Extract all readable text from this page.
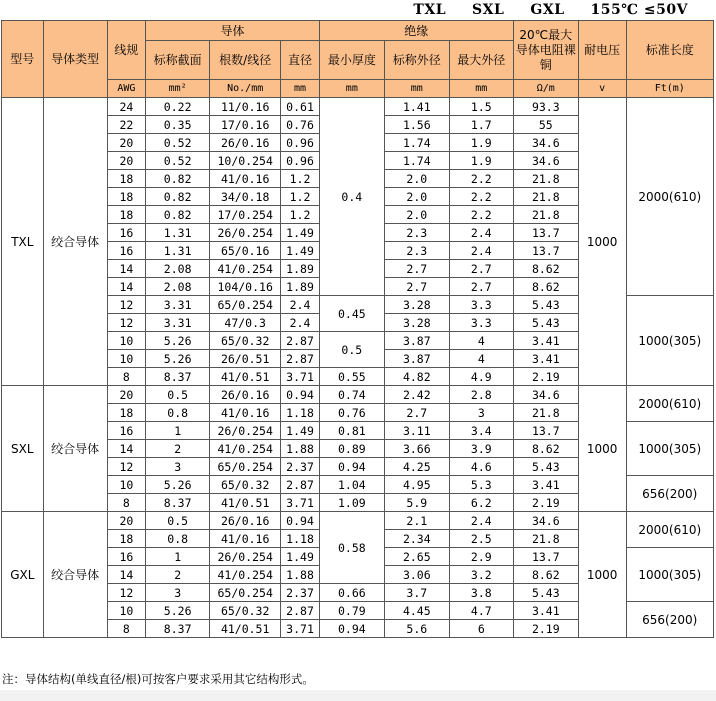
TXL SXL GXL 155℃ ≤50V
型号	导体类型	线规	导体			绝缘			20℃最大导体电阻裸铜	耐电压	标准长度
			标称截面	根数/线径	直径	最小厚度	标称外径	最大外径			
		AWG	mm²	No./mm	mm	mm	mm	mm	Ω/m	v	Ft(m)
TXL	绞合导体	24	0.22	11/0.16	0.61	0.4	1.41	1.5	93.3	1000	2000(610)
		22	0.35	17/0.16	0.76		1.56	1.7	55		
		20	0.52	26/0.16	0.96		1.74	1.9	34.6		
		20	0.52	10/0.254	0.96		1.74	1.9	34.6		
		18	0.82	41/0.16	1.2		2.0	2.2	21.8		
		18	0.82	34/0.18	1.2		2.0	2.2	21.8		
		18	0.82	17/0.254	1.2		2.0	2.2	21.8		
		16	1.31	26/0.254	1.49		2.3	2.4	13.7		
		16	1.31	65/0.16	1.49		2.3	2.4	13.7		
		14	2.08	41/0.254	1.89		2.7	2.7	8.62		
		14	2.08	104/0.16	1.89		2.7	2.7	8.62		
		12	3.31	65/0.254	2.4	0.45	3.28	3.3	5.43		1000(305)
		12	3.31	47/0.3	2.4		3.28	3.3	5.43		
		10	5.26	65/0.32	2.87	0.5	3.87	4	3.41		
		10	5.26	26/0.51	2.87		3.87	4	3.41		
		8	8.37	41/0.51	3.71	0.55	4.82	4.9	2.19		
SXL	绞合导体	20	0.5	26/0.16	0.94	0.74	2.42	2.8	34.6	1000	2000(610)
		18	0.8	41/0.16	1.18	0.76	2.7	3	21.8		
		16	1	26/0.254	1.49	0.81	3.11	3.4	13.7		1000(305)
		14	2	41/0.254	1.88	0.89	3.66	3.9	8.62		
		12	3	65/0.254	2.37	0.94	4.25	4.6	5.43		
		10	5.26	65/0.32	2.87	1.04	4.95	5.3	3.41		656(200)
		8	8.37	41/0.51	3.71	1.09	5.9	6.2	2.19		
GXL	绞合导体	20	0.5	26/0.16	0.94	0.58	2.1	2.4	34.6	1000	2000(610)
		18	0.8	41/0.16	1.18		2.34	2.5	21.8		
		16	1	26/0.254	1.49		2.65	2.9	13.7		1000(305)
		14	2	41/0.254	1.88		3.06	3.2	8.62		
		12	3	65/0.254	2.37	0.66	3.7	3.8	5.43		
		10	5.26	65/0.32	2.87	0.79	4.45	4.7	3.41		656(200)
		8	8.37	41/0.51	3.71	0.94	5.6	6	2.19		
注：导体结构(单线直径/根)可按客户要求采用其它结构形式。
